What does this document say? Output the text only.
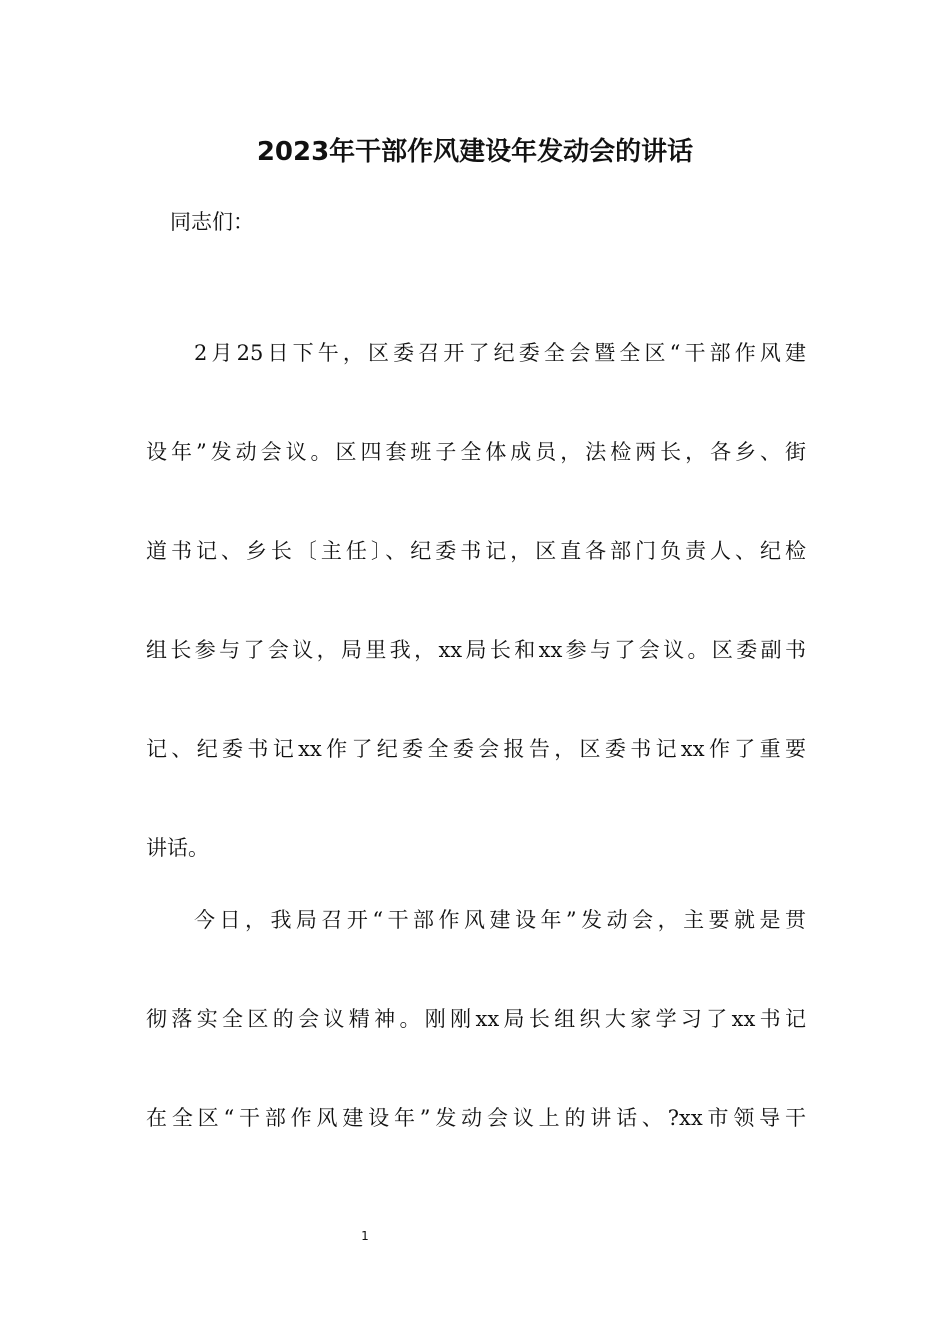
2023年干部作风建设年发动会的讲话
同志们：
2月25日下午，区委召开了纪委全会暨全区“干部作风建
设年”发动会议。区四套班子全体成员，法检两长，各乡、街
道书记、乡长〔主任〕、纪委书记，区直各部门负责人、纪检
组长参与了会议，局里我，xx局长和xx参与了会议。区委副书
记、纪委书记xx作了纪委全委会报告，区委书记xx作了重要
讲话。
今日，我局召开“干部作风建设年”发动会，主要就是贯
彻落实全区的会议精神。刚刚xx局长组织大家学习了xx书记
在全区“干部作风建设年”发动会议上的讲话、?xx市领导干
1
